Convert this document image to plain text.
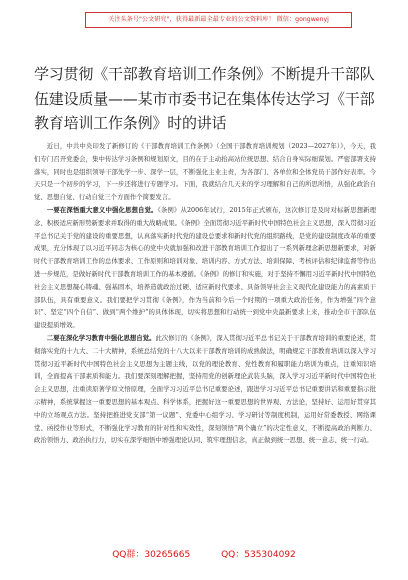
关注头条号"公文研究"，获得最新最全最专业的公文资料库！ 微信：gongwenyj
学习贯彻《干部教育培训工作条例》不断提升干部队伍建设质量——某市市委书记在集体传达学习《干部教育培训工作条例》时的讲话

近日，中共中央印发了新修订的《干部教育培训工作条例》（全国干部教育培训规划（2023—2027年）》，今天，我们专门召开党委会，集中传达学习条例和规划原文，目的在于主动抬高站位统思想、结合自身实际细谋划。严密部署支持落实，同时也是组织领导干部先学一步、深学一层，不断强化主业主责，为各部门、各单位和全体党员干部作好表率。今天只是一个初步的学习，下一步还将进行专题学习。下面，我就结合几天来的学习理解和自己的所思所悟，从强化政治自觉、思想自觉、行动自觉三个方面作个简要发言。

一要在深悟重大意义中强化思想自觉。《条例》从2006年试行，2015年正式颁布，这次修订是及时对标新思想新理念、积极适应新形势新要求并取得的重大战略成果。《条例》全面贯彻习近平新时代中国特色社会主义思想，深入贯彻习近平总书记关于党的建设的重要思想，认真落实新时代党的建设总要求和新时代党的组织路线，是党的建设制度改革的重要成果，充分体现了以习近平同志为核心的党中央就加强和改进干部教育培训工作提出了一系列新理念新思想新要求，对新时代干部教育培训工作的总体要求、工作原则和培训对象、培训内容、方式方法、培训保障、考核评估和纪律监督等作出进一步规范，是做好新时代干部教育培训工作的基本遵循。《条例》的修订和实施，对于坚持不懈用习近平新时代中国特色社会主义思想凝心铸魂、强基固本，培养造就政治过硬、适应新时代要求、具备领导社会主义现代化建设能力的高素质干部队伍，具有重要意义。我们要把学习贯彻《条例》，作为当前和今后一个时期的一项重大政治任务，作为增强“四个意识”、坚定“四个自信”、做到“两个维护”的具体体现，切实将思想和行动统一到党中央最新要求上来，推动全市干部队伍建设提质增效。

二要在深化学习教育中强化思想自觉。此次修订的《条例》，深入贯彻习近平总书记关于干部教育培训的重要论述，贯彻落实党的十九大、二十大精神，系统总结党的十八大以来干部教育培训的成熟做法，明确规定干部教育培训以深入学习贯彻习近平新时代中国特色社会主义思想为主题主线，以党的理论教育、党性教育和履职能力培训为重点，注重知识培训，全面提高干部素质和能力。我们要深刻理解把握，坚持用党的创新理论武装头脑，深入学习习近平新时代中国特色社会主义思想，注重读原著学原文悟原理，全面学习习近平总书记重要论述，跟进学习习近平总书记重要讲话和重要指示批示精神，系统掌握这一重要思想的基本观点、科学体系，把握好这一重要思想的世界观、方法论，坚持好、运用好贯穿其中的立场观点方法。坚持把推进党支部“第一议题”、党委中心组学习、学习研讨等制度机制，运用好常委教授、网络课堂、函授作业等形式，不断强化学习教育的针对性和实效性，深刻领悟“两个确立”的决定性意义，不断提高政治判断力、政治领悟力、政治执行力，切实在深学细悟中增强理论认同、筑牢理想信念，真正做到统一思想、统一意志、统一行动。

QQ群：30265665	QQ：535304092
